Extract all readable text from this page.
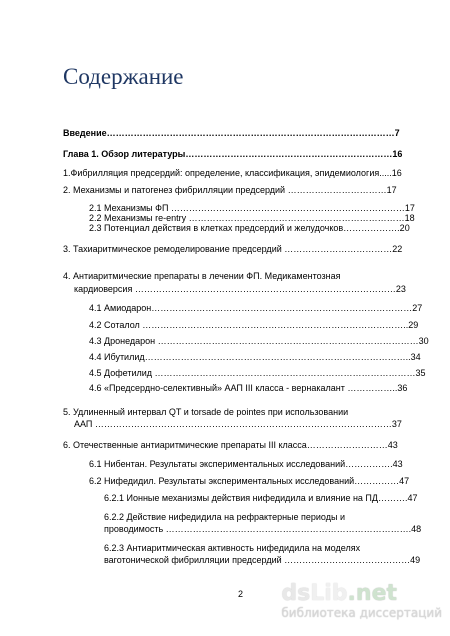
Содержание
Введение……………………………………………………………………………………7
Глава 1. Обзор литературы……………………………………………………………16
1.Фибрилляция предсердий: определение, классификация, эпидемиология.....16
2. Механизмы и патогенез фибрилляции предсердий ……………………………17
2.1 Механизмы ФП ……………………………………………………………………17
2.2 Механизмы re-entry ………………………………………………………………18
2.3 Потенциал действия в клетках предсердий и желудочков……………….20
3. Тахиаритмическое ремоделирование предсердий ………………………………22
4. Антиаритмические препараты в лечении ФП. Медикаментозная
кардиоверсия ……………………………………………………………………………23
4.1 Амиодарон……………………………………………………………………………27
4.2 Соталол ……………………………………………………………………………..29
4.3 Дронедарон ……………………………………………………………………………30
4.4 Ибутилид……………………………………………………………………………..34
4.5 Дофетилид ……………………………………………………………………………35
4.6 «Предсердно-селективный» ААП III класса - вернакалант ……………..36
5. Удлиненный интервал QT и torsade de pointes при использовании
ААП ………………………………………………………………………………………37
6. Отечественные антиаритмические препараты III класса………………………43
6.1 Нибентан. Результаты экспериментальных исследований…………….43
6.2 Нифедидил. Результаты экспериментальных исследований……………47
6.2.1 Ионные механизмы действия нифедидила и влияние на ПД……….47
6.2.2 Действие нифедидила на рефрактерные периоды и
проводимость ……………………………………………………………………….48
6.2.3 Антиаритмическая активность нифедидила на моделях
ваготонической фибрилляции предсердий ……………………………………49
2 dsLib.net
библиотека диссертаций
